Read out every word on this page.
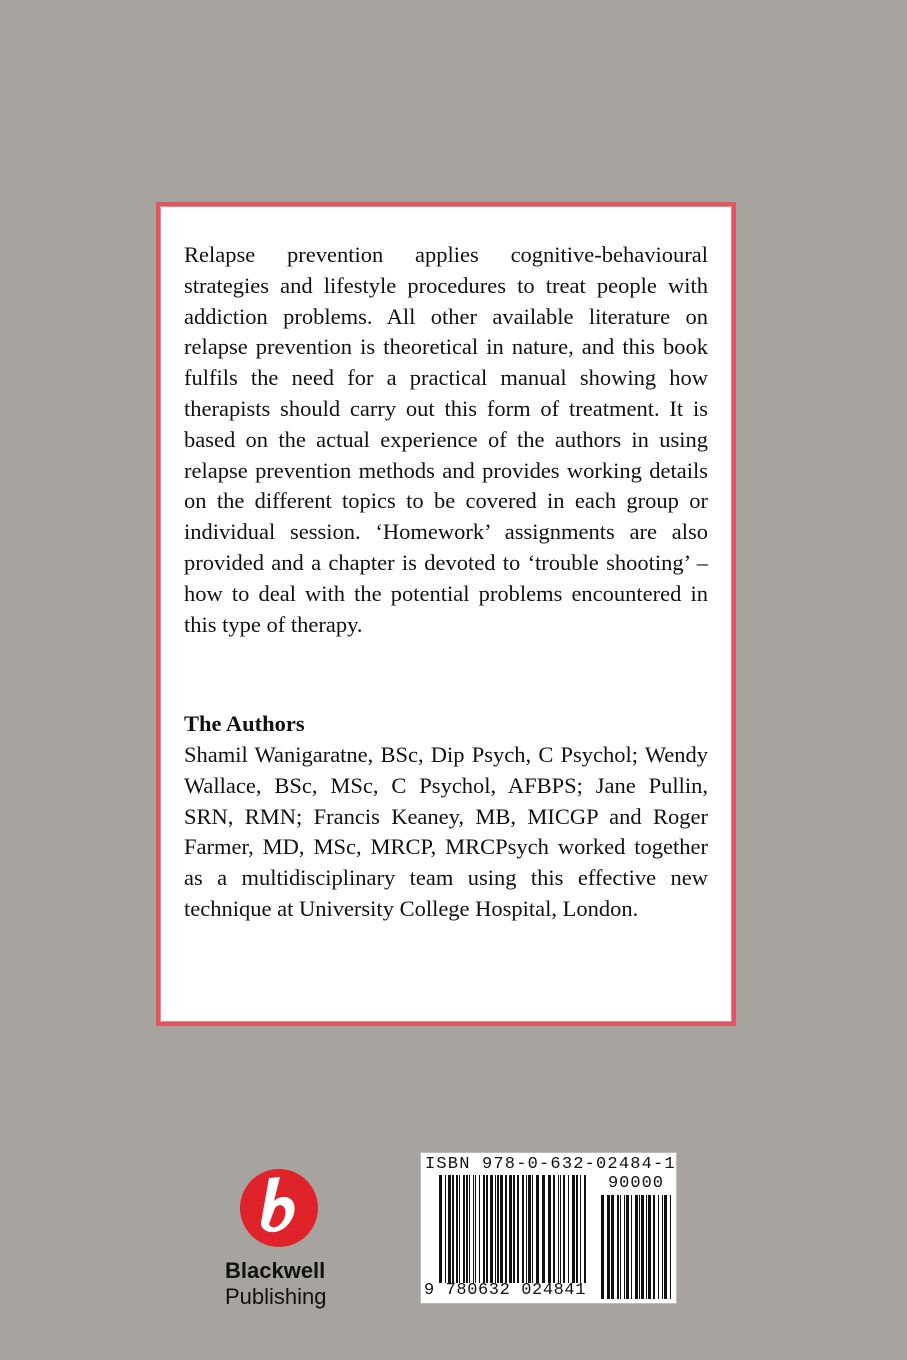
Relapse prevention applies cognitive-behavioural strategies and lifestyle procedures to treat people with addiction problems. All other available literature on relapse prevention is theoretical in nature, and this book fulfils the need for a practical manual showing how therapists should carry out this form of treatment. It is based on the actual experience of the authors in using relapse prevention methods and provides working details on the different topics to be covered in each group or individual session. ‘Homework’ assignments are also provided and a chapter is devoted to ‘trouble shooting’ – how to deal with the potential problems encountered in this type of therapy.

The Authors

Shamil Wanigaratne, BSc, Dip Psych, C Psychol; Wendy Wallace, BSc, MSc, C Psychol, AFBPS; Jane Pullin, SRN, RMN; Francis Keaney, MB, MICGP and Roger Farmer, MD, MSc, MRCP, MRCPsych worked together as a multidisciplinary team using this effective new technique at University College Hospital, London.

Blackwell
Publishing
ISBN 978-0-632-02484-1
90000
9 780632 024841
